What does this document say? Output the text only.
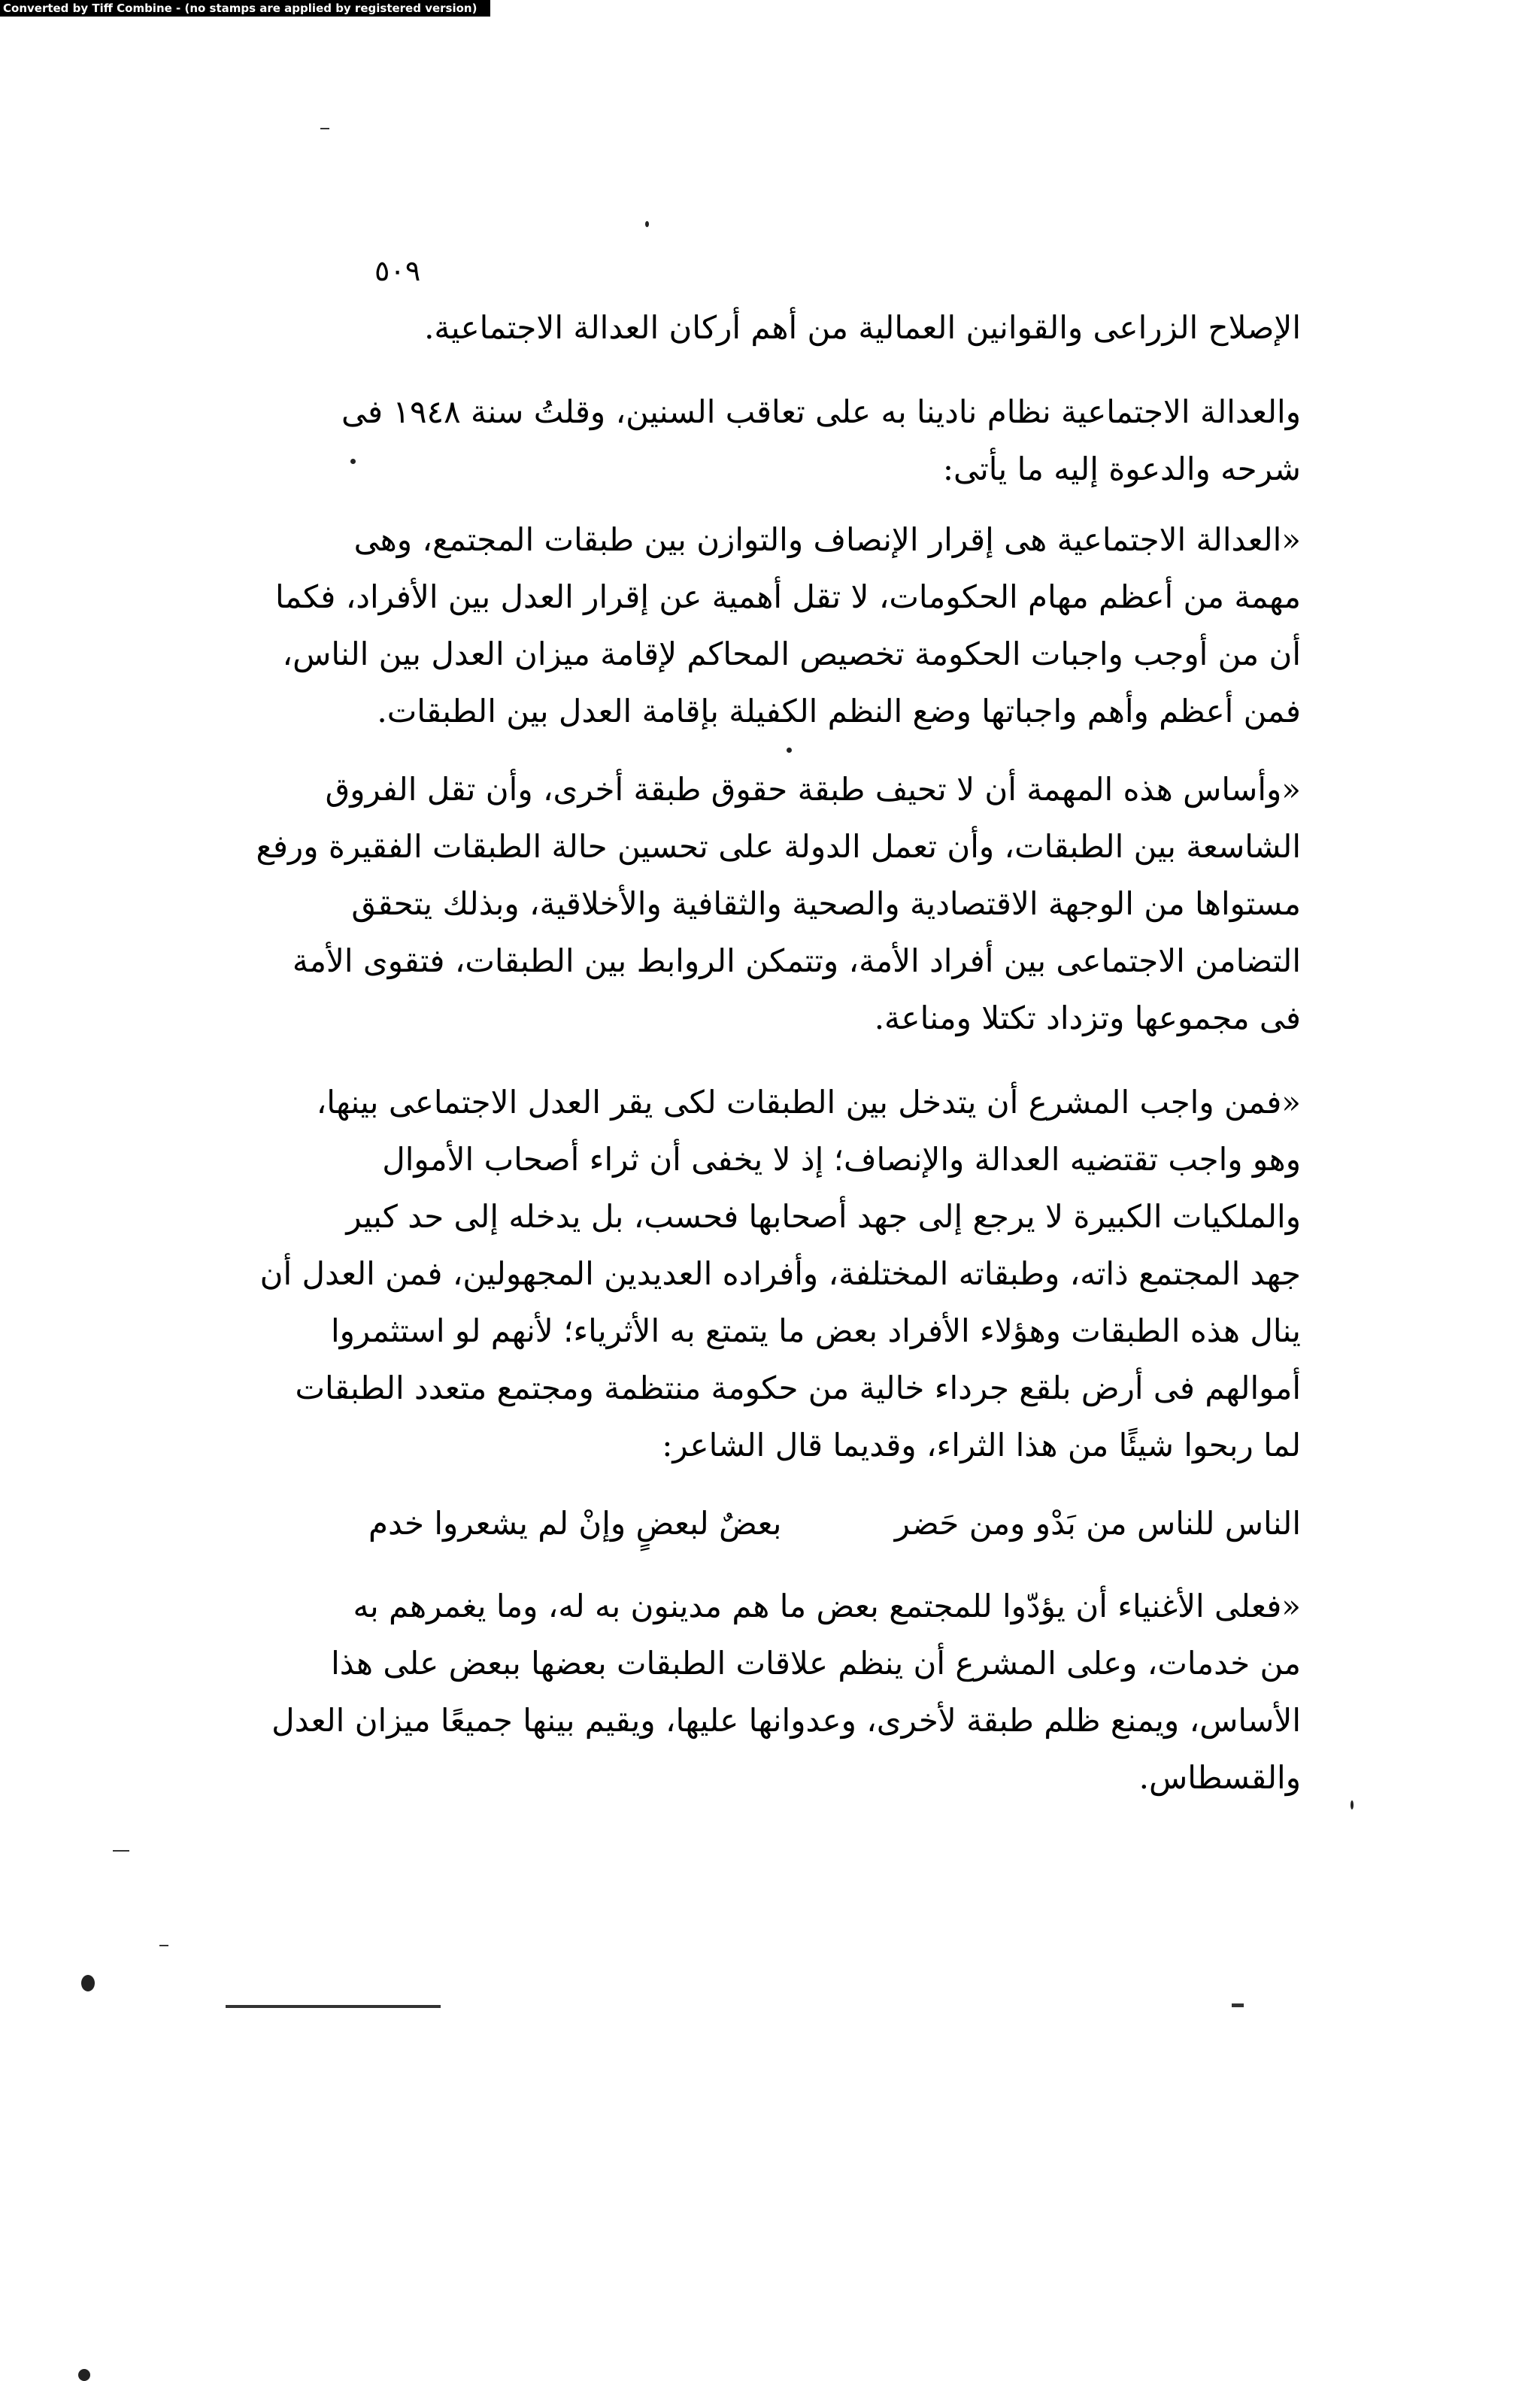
Converted by Tiff Combine - (no stamps are applied by registered version)
٥٠٩
الإصلاح الزراعى والقوانين العمالية من أهم أركان العدالة الاجتماعية.
والعدالة الاجتماعية نظام نادينا به على تعاقب السنين، وقلتُ سنة ١٩٤٨ فى
شرحه والدعوة إليه ما يأتى:
«العدالة الاجتماعية هى إقرار الإنصاف والتوازن بين طبقات المجتمع، وهى
مهمة من أعظم مهام الحكومات، لا تقل أهمية عن إقرار العدل بين الأفراد، فكما
أن من أوجب واجبات الحكومة تخصيص المحاكم لإقامة ميزان العدل بين الناس،
فمن أعظم وأهم واجباتها وضع النظم الكفيلة بإقامة العدل بين الطبقات.
«وأساس هذه المهمة أن لا تحيف طبقة حقوق طبقة أخرى، وأن تقل الفروق
الشاسعة بين الطبقات، وأن تعمل الدولة على تحسين حالة الطبقات الفقيرة ورفع
مستواها من الوجهة الاقتصادية والصحية والثقافية والأخلاقية، وبذلك يتحقق
التضامن الاجتماعى بين أفراد الأمة، وتتمكن الروابط بين الطبقات، فتقوى الأمة
فى مجموعها وتزداد تكتلا ومناعة.
«فمن واجب المشرع أن يتدخل بين الطبقات لكى يقر العدل الاجتماعى بينها،
وهو واجب تقتضيه العدالة والإنصاف؛ إذ لا يخفى أن ثراء أصحاب الأموال
والملكيات الكبيرة لا يرجع إلى جهد أصحابها فحسب، بل يدخله إلى حد كبير
جهد المجتمع ذاته، وطبقاته المختلفة، وأفراده العديدين المجهولين، فمن العدل أن
ينال هذه الطبقات وهؤلاء الأفراد بعض ما يتمتع به الأثرياء؛ لأنهم لو استثمروا
أموالهم فى أرض بلقع جرداء خالية من حكومة منتظمة ومجتمع متعدد الطبقات
لما ربحوا شيئًا من هذا الثراء، وقديما قال الشاعر:
الناس للناس من بَدْو ومن حَضر
بعضٌ لبعضٍ وإنْ لم يشعروا خدم
«فعلى الأغنياء أن يؤدّوا للمجتمع بعض ما هم مدينون به له، وما يغمرهم به
من خدمات، وعلى المشرع أن ينظم علاقات الطبقات بعضها ببعض على هذا
الأساس، ويمنع ظلم طبقة لأخرى، وعدوانها عليها، ويقيم بينها جميعًا ميزان العدل
والقسطاس.
